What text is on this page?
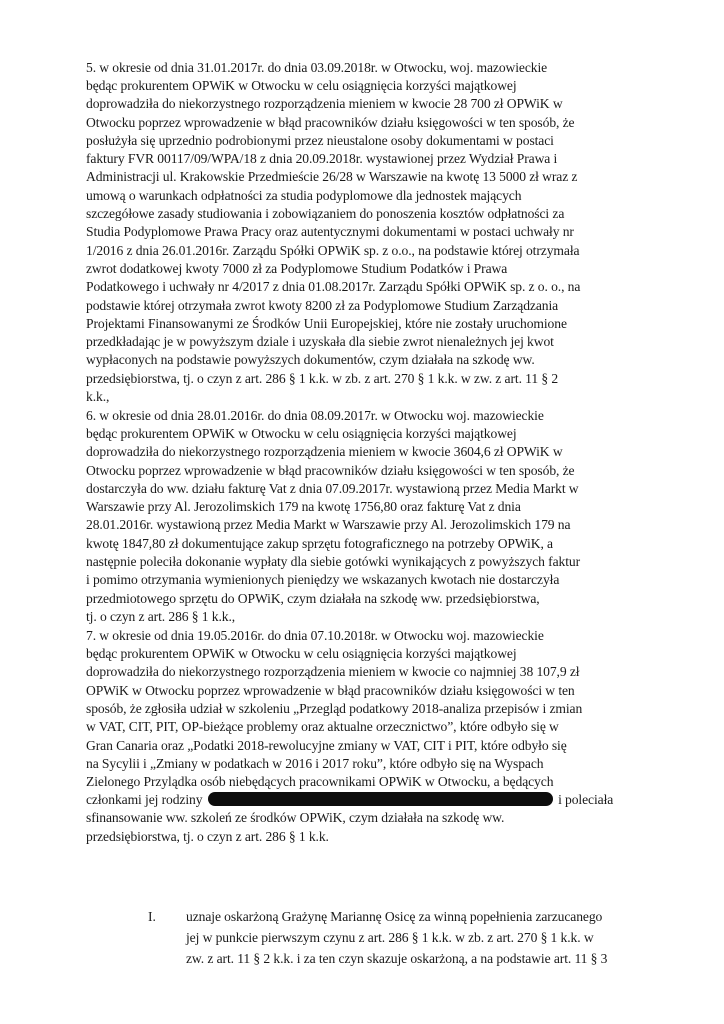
5. w okresie od dnia 31.01.2017r. do dnia 03.09.2018r. w Otwocku, woj. mazowieckie
będąc prokurentem OPWiK w Otwocku w celu osiągnięcia korzyści majątkowej
doprowadziła do niekorzystnego rozporządzenia mieniem w kwocie 28 700 zł OPWiK w
Otwocku poprzez wprowadzenie w błąd pracowników działu księgowości w ten sposób, że
posłużyła się uprzednio podrobionymi przez nieustalone osoby dokumentami w postaci
faktury FVR 00117/09/WPA/18 z dnia 20.09.2018r. wystawionej przez Wydział Prawa i
Administracji ul. Krakowskie Przedmieście 26/28 w Warszawie na kwotę 13 5000 zł wraz z
umową o warunkach odpłatności za studia podyplomowe dla jednostek mających
szczegółowe zasady studiowania i zobowiązaniem do ponoszenia kosztów odpłatności za
Studia Podyplomowe Prawa Pracy oraz autentycznymi dokumentami w postaci uchwały nr
1/2016 z dnia 26.01.2016r. Zarządu Spółki OPWiK sp. z o.o., na podstawie której otrzymała
zwrot dodatkowej kwoty 7000 zł za Podyplomowe Studium Podatków i Prawa
Podatkowego i uchwały nr 4/2017 z dnia 01.08.2017r. Zarządu Spółki OPWiK sp. z o. o., na
podstawie której otrzymała zwrot kwoty 8200 zł za Podyplomowe Studium Zarządzania
Projektami Finansowanymi ze Środków Unii Europejskiej, które nie zostały uruchomione
przedkładając je w powyższym dziale i uzyskała dla siebie zwrot nienależnych jej kwot
wypłaconych na podstawie powyższych dokumentów, czym działała na szkodę ww.
przedsiębiorstwa, tj. o czyn z art. 286 § 1 k.k. w zb. z art. 270 § 1 k.k. w zw. z art. 11 § 2
k.k.,
6. w okresie od dnia 28.01.2016r. do dnia 08.09.2017r. w Otwocku woj. mazowieckie
będąc prokurentem OPWiK w Otwocku w celu osiągnięcia korzyści majątkowej
doprowadziła do niekorzystnego rozporządzenia mieniem w kwocie 3604,6 zł OPWiK w
Otwocku poprzez wprowadzenie w błąd pracowników działu księgowości w ten sposób, że
dostarczyła do ww. działu fakturę Vat z dnia 07.09.2017r. wystawioną przez Media Markt w
Warszawie przy Al. Jerozolimskich 179 na kwotę 1756,80 oraz fakturę Vat z dnia
28.01.2016r. wystawioną przez Media Markt w Warszawie przy Al. Jerozolimskich 179 na
kwotę 1847,80 zł dokumentujące zakup sprzętu fotograficznego na potrzeby OPWiK, a
następnie poleciła dokonanie wypłaty dla siebie gotówki wynikających z powyższych faktur
i pomimo otrzymania wymienionych pieniędzy we wskazanych kwotach nie dostarczyła
przedmiotowego sprzętu do OPWiK, czym działała na szkodę ww. przedsiębiorstwa,
tj. o czyn z art. 286 § 1 k.k.,
7. w okresie od dnia 19.05.2016r. do dnia 07.10.2018r. w Otwocku woj. mazowieckie
będąc prokurentem OPWiK w Otwocku w celu osiągnięcia korzyści majątkowej
doprowadziła do niekorzystnego rozporządzenia mieniem w kwocie co najmniej 38 107,9 zł
OPWiK w Otwocku poprzez wprowadzenie w błąd pracowników działu księgowości w ten
sposób, że zgłosiła udział w szkoleniu „Przegląd podatkowy 2018-analiza przepisów i zmian
w VAT, CIT, PIT, OP-bieżące problemy oraz aktualne orzecznictwo”, które odbyło się w
Gran Canaria oraz „Podatki 2018-rewolucyjne zmiany w VAT, CIT i PIT, które odbyło się
na Sycylii i „Zmiany w podatkach w 2016 i 2017 roku”, które odbyło się na Wyspach
Zielonego Przylądka osób niebędących pracownikami OPWiK w Otwocku, a będących
członkami jej rodziny	i poleciała
sfinansowanie ww. szkoleń ze środków OPWiK, czym działała na szkodę ww.
przedsiębiorstwa, tj. o czyn z art. 286 § 1 k.k.
I. uznaje oskarżoną Grażynę Mariannę Osicę za winną popełnienia zarzucanego
jej w punkcie pierwszym czynu z art. 286 § 1 k.k. w zb. z art. 270 § 1 k.k. w
zw. z art. 11 § 2 k.k. i za ten czyn skazuje oskarżoną, a na podstawie art. 11 § 3
